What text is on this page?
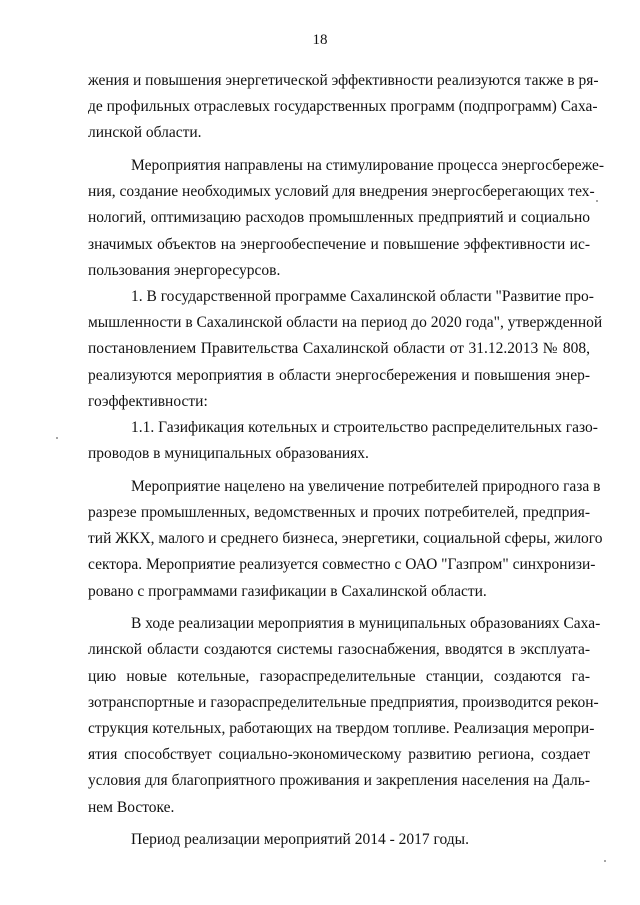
18
жения и повышения энергетической эффективности реализуются также в ря-
де профильных отраслевых государственных программ (подпрограмм) Саха-
линской области.
Мероприятия направлены на стимулирование процесса энергосбереже-
ния, создание необходимых условий для внедрения энергосберегающих тех-
нологий, оптимизацию расходов промышленных предприятий и социально
значимых объектов на энергообеспечение и повышение эффективности ис-
пользования энергоресурсов.
1. В государственной программе Сахалинской области "Развитие про-
мышленности в Сахалинской области на период до 2020 года", утвержденной
постановлением Правительства Сахалинской области от 31.12.2013 № 808,
реализуются мероприятия в области энергосбережения и повышения энер-
гоэффективности:
1.1. Газификация котельных и строительство распределительных газо-
проводов в муниципальных образованиях.
Мероприятие нацелено на увеличение потребителей природного газа в
разрезе промышленных, ведомственных и прочих потребителей, предприя-
тий ЖКХ, малого и среднего бизнеса, энергетики, социальной сферы, жилого
сектора. Мероприятие реализуется совместно с ОАО "Газпром" синхронизи-
ровано с программами газификации в Сахалинской области.
В ходе реализации мероприятия в муниципальных образованиях Саха-
линской области создаются системы газоснабжения, вводятся в эксплуата-
цию новые котельные, газораспределительные станции, создаются га-
зотранспортные и газораспределительные предприятия, производится рекон-
струкция котельных, работающих на твердом топливе. Реализация меропри-
ятия способствует социально-экономическому развитию региона, создает
условия для благоприятного проживания и закрепления населения на Даль-
нем Востоке.
Период реализации мероприятий 2014 - 2017 годы.
